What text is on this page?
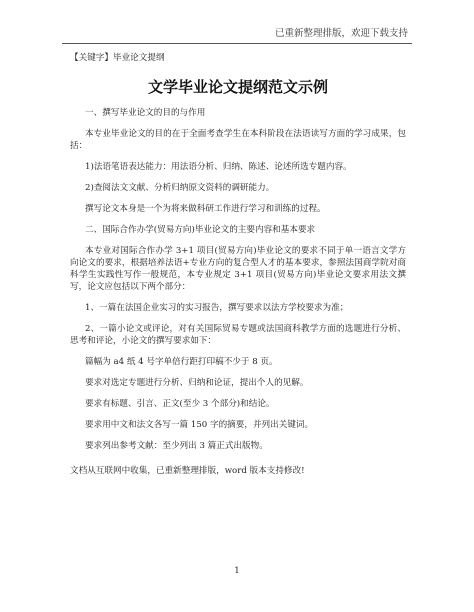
已重新整理排版，欢迎下载支持
【关键字】毕业论文提纲
文学毕业论文提纲范文示例
一、撰写毕业论文的目的与作用
本专业毕业论文的目的在于全面考查学生在本科阶段在法语读写方面的学习成果，包括：
1)法语笔语表达能力：用法语分析、归纳、陈述、论述所选专题内容。
2)查阅法文文献、分析归纳原文资料的调研能力。
撰写论文本身是一个为将来做科研工作进行学习和训练的过程。
二、国际合作办学(贸易方向)毕业论文的主要内容和基本要求
本专业对国际合作办学 3+1 项目(贸易方向)毕业论文的要求不同于单一语言文学方向论文的要求，根据培养法语+专业方向的复合型人才的基本要求，参照法国商学院对商科学生实践性写作一般规范，本专业规定 3+1 项目(贸易方向)毕业论文要求用法文撰写，论文应包括以下两个部分：
1、一篇在法国企业实习的实习报告，撰写要求以法方学校要求为准；
2、一篇小论文或评论，对有关国际贸易专题或法国商科教学方面的选题进行分析、思考和评论，小论文的撰写要求如下：
篇幅为 a4 纸 4 号字单倍行距打印稿不少于 8 页。
要求对选定专题进行分析、归纳和论证，提出个人的见解。
要求有标题、引言、正文(至少 3 个部分)和结论。
要求用中文和法文各写一篇 150 字的摘要，并列出关键词。
要求列出参考文献：至少列出 3 篇正式出版物。
文档从互联网中收集，已重新整理排版，word 版本支持修改!
1
